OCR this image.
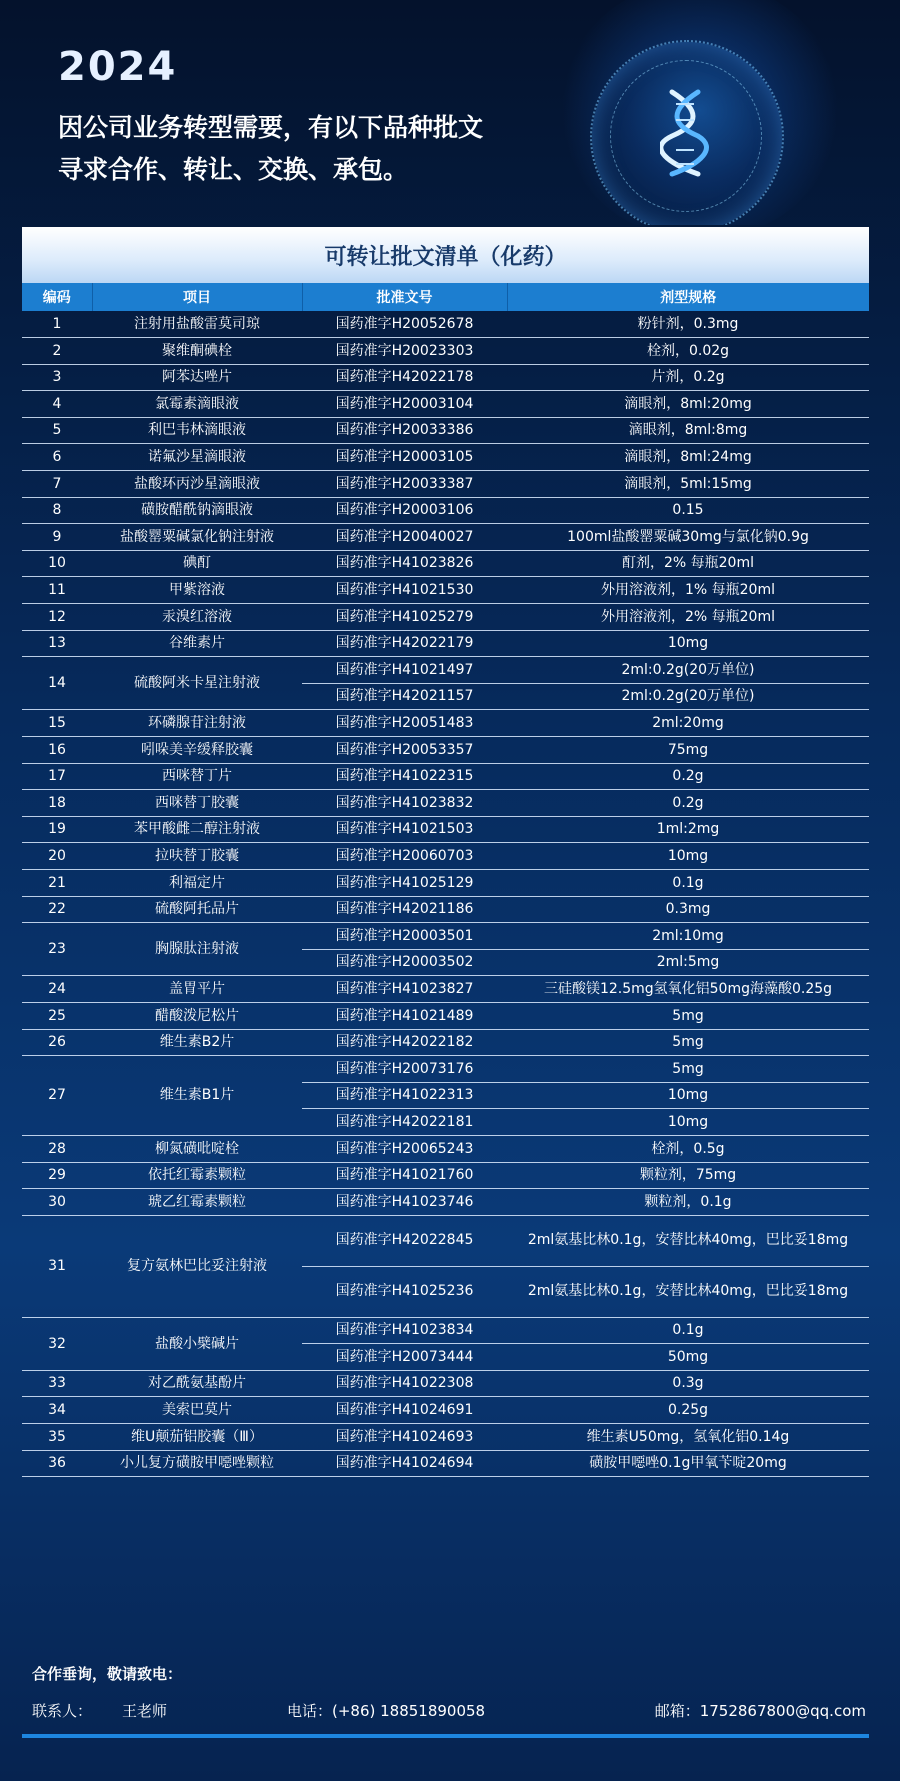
2024
因公司业务转型需要，有以下品种批文
寻求合作、转让、交换、承包。
可转让批文清单（化药）
编码	项目	批准文号	剂型规格
1	注射用盐酸雷莫司琼	国药准字H20052678	粉针剂，0.3mg
2	聚维酮碘栓	国药准字H20023303	栓剂，0.02g
3	阿苯达唑片	国药准字H42022178	片剂，0.2g
4	氯霉素滴眼液	国药准字H20003104	滴眼剂，8ml:20mg
5	利巴韦林滴眼液	国药准字H20033386	滴眼剂，8ml:8mg
6	诺氟沙星滴眼液	国药准字H20003105	滴眼剂，8ml:24mg
7	盐酸环丙沙星滴眼液	国药准字H20033387	滴眼剂，5ml:15mg
8	磺胺醋酰钠滴眼液	国药准字H20003106	0.15
9	盐酸罂粟碱氯化钠注射液	国药准字H20040027	100ml盐酸罂粟碱30mg与氯化钠0.9g
10	碘酊	国药准字H41023826	酊剂，2% 每瓶20ml
11	甲紫溶液	国药准字H41021530	外用溶液剂，1% 每瓶20ml
12	汞溴红溶液	国药准字H41025279	外用溶液剂，2% 每瓶20ml
13	谷维素片	国药准字H42022179	10mg
14	硫酸阿米卡星注射液	国药准字H41021497	2ml:0.2g(20万单位)
		国药准字H42021157	2ml:0.2g(20万单位)
15	环磷腺苷注射液	国药准字H20051483	2ml:20mg
16	吲哚美辛缓释胶囊	国药准字H20053357	75mg
17	西咪替丁片	国药准字H41022315	0.2g
18	西咪替丁胶囊	国药准字H41023832	0.2g
19	苯甲酸雌二醇注射液	国药准字H41021503	1ml:2mg
20	拉呋替丁胶囊	国药准字H20060703	10mg
21	利福定片	国药准字H41025129	0.1g
22	硫酸阿托品片	国药准字H42021186	0.3mg
23	胸腺肽注射液	国药准字H20003501	2ml:10mg
		国药准字H20003502	2ml:5mg
24	盖胃平片	国药准字H41023827	三硅酸镁12.5mg氢氧化铝50mg海藻酸0.25g
25	醋酸泼尼松片	国药准字H41021489	5mg
26	维生素B2片	国药准字H42022182	5mg
27	维生素B1片	国药准字H20073176	5mg
		国药准字H41022313	10mg
		国药准字H42022181	10mg
28	柳氮磺吡啶栓	国药准字H20065243	栓剂，0.5g
29	依托红霉素颗粒	国药准字H41021760	颗粒剂，75mg
30	琥乙红霉素颗粒	国药准字H41023746	颗粒剂，0.1g
31	复方氨林巴比妥注射液	国药准字H42022845	2ml氨基比林0.1g，安替比林40mg，巴比妥18mg
		国药准字H41025236	2ml氨基比林0.1g，安替比林40mg，巴比妥18mg
32	盐酸小檗碱片	国药准字H41023834	0.1g
		国药准字H20073444	50mg
33	对乙酰氨基酚片	国药准字H41022308	0.3g
34	美索巴莫片	国药准字H41024691	0.25g
35	维U颠茄铝胶囊（Ⅲ）	国药准字H41024693	维生素U50mg，氢氧化铝0.14g
36	小儿复方磺胺甲噁唑颗粒	国药准字H41024694	磺胺甲噁唑0.1g甲氧苄啶20mg
合作垂询，敬请致电：
联系人： 王老师	电话：(+86) 18851890058	邮箱：1752867800@qq.com
